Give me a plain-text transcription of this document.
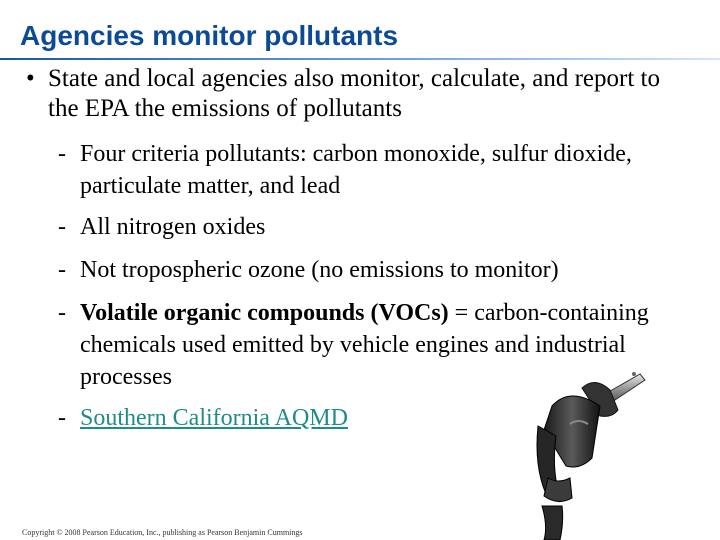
Agencies monitor pollutants
• State and local agencies also monitor, calculate, and report to the EPA the emissions of pollutants
- Four criteria pollutants: carbon monoxide, sulfur dioxide, particulate matter, and lead
- All nitrogen oxides
- Not tropospheric ozone (no emissions to monitor)
- Volatile organic compounds (VOCs) = carbon-containing chemicals used emitted by vehicle engines and industrial processes
- Southern California AQMD
Copyright © 2008 Pearson Education, Inc., publishing as Pearson Benjamin Cummings
